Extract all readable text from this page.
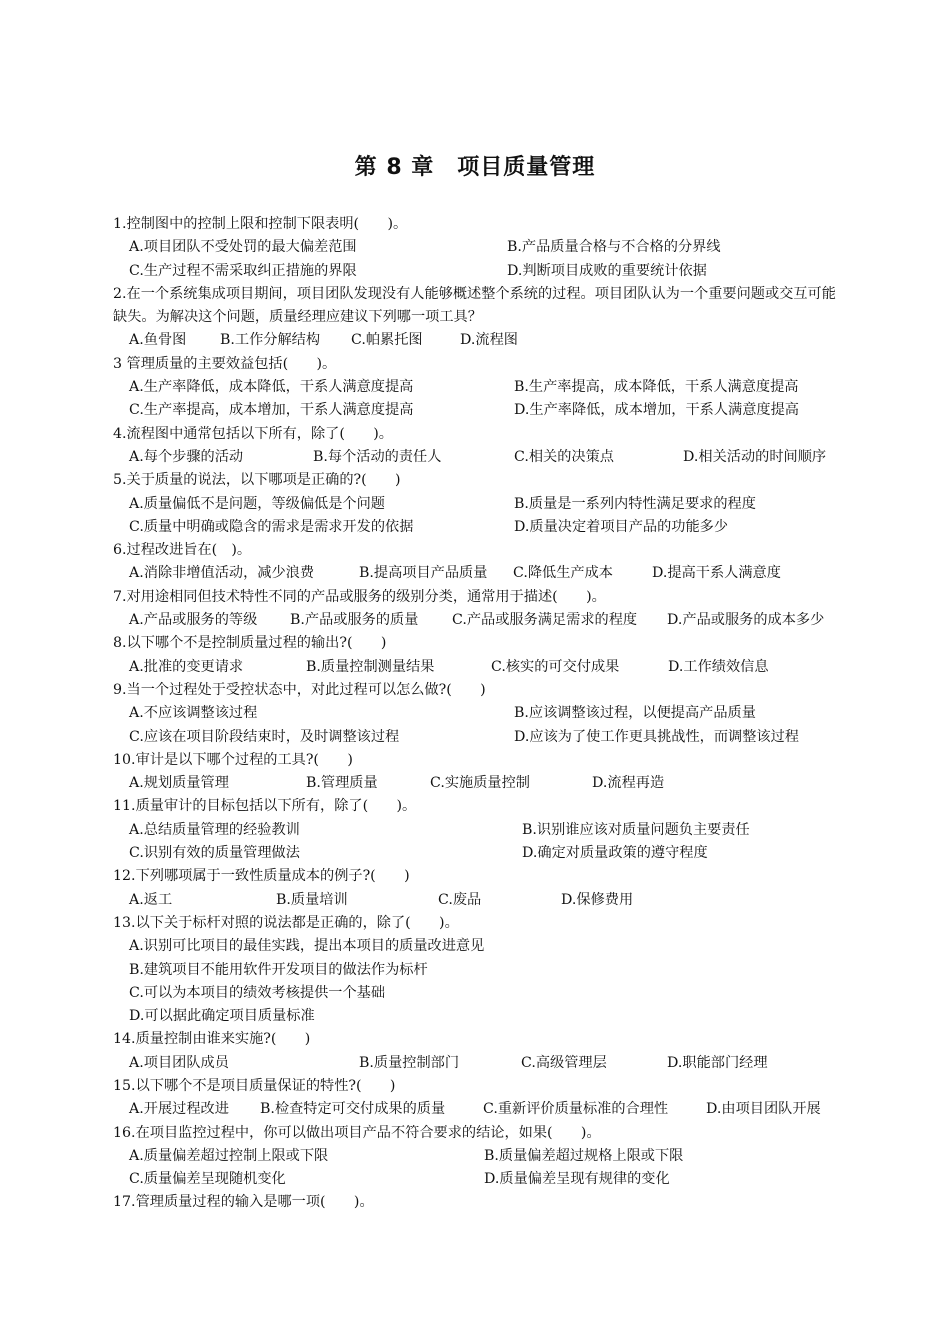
第 8 章　项目质量管理
1.控制图中的控制上限和控制下限表明(　　)。
A.项目团队不受处罚的最大偏差范围	B.产品质量合格与不合格的分界线
C.生产过程不需采取纠正措施的界限	D.判断项目成败的重要统计依据
2.在一个系统集成项目期间，项目团队发现没有人能够概述整个系统的过程。项目团队认为一个重要问题或交互可能缺失。为解决这个问题，质量经理应建议下列哪一项工具？
A.鱼骨图 B.工作分解结构 C.帕累托图	D.流程图
3 管理质量的主要效益包括(　　)。
A.生产率降低，成本降低，干系人满意度提高	B.生产率提高，成本降低，干系人满意度提高
C.生产率提高，成本增加，干系人满意度提高	D.生产率降低，成本增加，干系人满意度提高
4.流程图中通常包括以下所有，除了(　　)。
A.每个步骤的活动	B.每个活动的责任人	C.相关的决策点	D.相关活动的时间顺序
5.关于质量的说法，以下哪项是正确的?(　　)
A.质量偏低不是问题，等级偏低是个问题	B.质量是一系列内特性满足要求的程度
C.质量中明确或隐含的需求是需求开发的依据	D.质量决定着项目产品的功能多少
6.过程改进旨在(　)。
A.消除非增值活动，减少浪费	B.提高项目产品质量 C.降低生产成本	D.提高干系人满意度
7.对用途相同但技术特性不同的产品或服务的级别分类，通常用于描述(　　)。
A.产品或服务的等级 B.产品或服务的质量 C.产品或服务满足需求的程度 D.产品或服务的成本多少
8.以下哪个不是控制质量过程的输出?(　　)
A.批准的变更请求	B.质量控制测量结果	C.核实的可交付成果	D.工作绩效信息
9.当一个过程处于受控状态中，对此过程可以怎么做?(　　)
A.不应该调整该过程	B.应该调整该过程，以便提高产品质量
C.应该在项目阶段结束时，及时调整该过程	D.应该为了使工作更具挑战性，而调整该过程
10.审计是以下哪个过程的工具?(　　)
A.规划质量管理	B.管理质量	C.实施质量控制	D.流程再造
11.质量审计的目标包括以下所有，除了(　　)。
A.总结质量管理的经验教训	B.识别谁应该对质量问题负主要责任
C.识别有效的质量管理做法	D.确定对质量政策的遵守程度
12.下列哪项属于一致性质量成本的例子?(　　)
A.返工	B.质量培训	C.废品	D.保修费用
13.以下关于标杆对照的说法都是正确的，除了(　　)。
A.识别可比项目的最佳实践，提出本项目的质量改进意见
B.建筑项目不能用软件开发项目的做法作为标杆
C.可以为本项目的绩效考核提供一个基础
D.可以据此确定项目质量标准
14.质量控制由谁来实施?(　　)
A.项目团队成员	B.质量控制部门	C.高级管理层	D.职能部门经理
15.以下哪个不是项目质量保证的特性?(　　)
A.开展过程改进 B.检查特定可交付成果的质量	C.重新评价质量标准的合理性	D.由项目团队开展
16.在项目监控过程中，你可以做出项目产品不符合要求的结论，如果(　　)。
A.质量偏差超过控制上限或下限	B.质量偏差超过规格上限或下限
C.质量偏差呈现随机变化	D.质量偏差呈现有规律的变化
17.管理质量过程的输入是哪一项(　　)。
